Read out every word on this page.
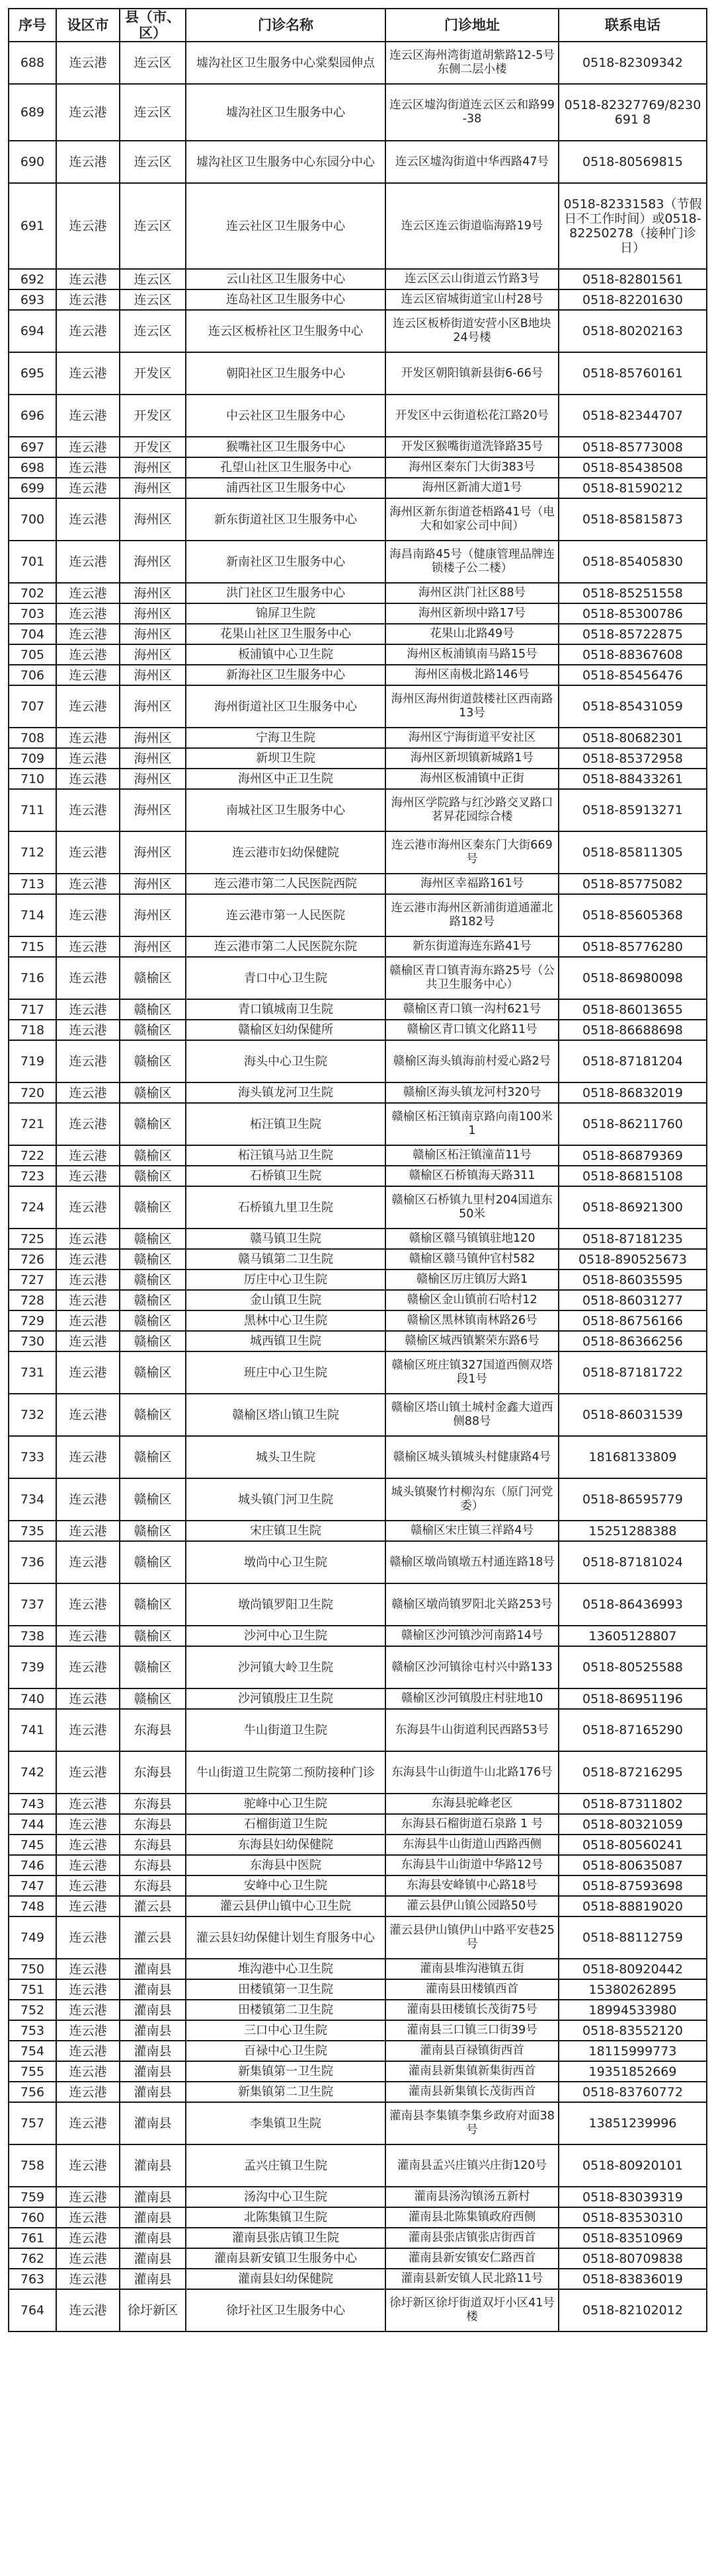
序号	设区市	县（市、区）	门诊名称	门诊地址	联系电话
688	连云港	连云区	墟沟社区卫生服务中心棠梨园伸点	连云区海州湾街道胡紫路12-5号东侧二层小楼	0518-82309342
689	连云港	连云区	墟沟社区卫生服务中心	连云区墟沟街道连云区云和路99-38	0518-82327769/8230691 8
690	连云港	连云区	墟沟社区卫生服务中心东园分中心	连云区墟沟街道中华西路47号	0518-80569815
691	连云港	连云区	连云社区卫生服务中心	连云区连云街道临海路19号	0518-82331583（节假日不工作时间）或0518-82250278（接种门诊日）
692	连云港	连云区	云山社区卫生服务中心	连云区云山街道云竹路3号	0518-82801561
693	连云港	连云区	连岛社区卫生服务中心	连云区宿城街道宝山村28号	0518-82201630
694	连云港	连云区	连云区板桥社区卫生服务中心	连云区板桥街道安营小区B地块24号楼	0518-80202163
695	连云港	开发区	朝阳社区卫生服务中心	开发区朝阳镇新县街6-66号	0518-85760161
696	连云港	开发区	中云社区卫生服务中心	开发区中云街道松花江路20号	0518-82344707
697	连云港	开发区	猴嘴社区卫生服务中心	开发区猴嘴街道洗锋路35号	0518-85773008
698	连云港	海州区	孔望山社区卫生服务中心	海州区秦东门大街383号	0518-85438508
699	连云港	海州区	浦西社区卫生服务中心	海州区新浦大道1号	0518-81590212
700	连云港	海州区	新东街道社区卫生服务中心	海州区新东街道苍梧路41号（电大和如家公司中间）	0518-85815873
701	连云港	海州区	新南社区卫生服务中心	海昌南路45号（健康管理品牌连锁楼子公二楼）	0518-85405830
702	连云港	海州区	洪门社区卫生服务中心	海州区洪门社区88号	0518-85251558
703	连云港	海州区	锦屏卫生院	海州区新坝中路17号	0518-85300786
704	连云港	海州区	花果山社区卫生服务中心	花果山北路49号	0518-85722875
705	连云港	海州区	板浦镇中心卫生院	海州区板浦镇南马路15号	0518-88367608
706	连云港	海州区	新海社区卫生服务中心	海州区南极北路146号	0518-85456476
707	连云港	海州区	海州街道社区卫生服务中心	海州区海州街道鼓楼社区西南路13号	0518-85431059
708	连云港	海州区	宁海卫生院	海州区宁海街道平安社区	0518-80682301
709	连云港	海州区	新坝卫生院	海州区新坝镇新城路1号	0518-85372958
710	连云港	海州区	海州区中正卫生院	海州区板浦镇中正街	0518-88433261
711	连云港	海州区	南城社区卫生服务中心	海州区学院路与红沙路交叉路口茗昇花园综合楼	0518-85913271
712	连云港	海州区	连云港市妇幼保健院	连云港市海州区秦东门大街669号	0518-85811305
713	连云港	海州区	连云港市第二人民医院西院	海州区幸福路161号	0518-85775082
714	连云港	海州区	连云港市第一人民医院	连云港市海州区新浦街道通灌北路182号	0518-85605368
715	连云港	海州区	连云港市第二人民医院东院	新东街道海连东路41号	0518-85776280
716	连云港	赣榆区	青口中心卫生院	赣榆区青口镇青海东路25号（公共卫生服务中心）	0518-86980098
717	连云港	赣榆区	青口镇城南卫生院	赣榆区青口镇一沟村621号	0518-86013655
718	连云港	赣榆区	赣榆区妇幼保健所	赣榆区青口镇文化路11号	0518-86688698
719	连云港	赣榆区	海头中心卫生院	赣榆区海头镇海前村爱心路2号	0518-87181204
720	连云港	赣榆区	海头镇龙河卫生院	赣榆区海头镇龙河村320号	0518-86832019
721	连云港	赣榆区	柘汪镇卫生院	赣榆区柘汪镇南京路向南100米1	0518-86211760
722	连云港	赣榆区	柘汪镇马站卫生院	赣榆区柘汪镇潼苗11号	0518-86879369
723	连云港	赣榆区	石桥镇卫生院	赣榆区石桥镇海天路311	0518-86815108
724	连云港	赣榆区	石桥镇九里卫生院	赣榆区石桥镇九里村204国道东50米	0518-86921300
725	连云港	赣榆区	赣马镇卫生院	赣榆区赣马镇镇驻地120	0518-87181235
726	连云港	赣榆区	赣马镇第二卫生院	赣榆区赣马镇仲官村582	0518-890525673
727	连云港	赣榆区	厉庄中心卫生院	赣榆区厉庄镇厉大路1	0518-86035595
728	连云港	赣榆区	金山镇卫生院	赣榆区金山镇前石哈村12	0518-86031277
729	连云港	赣榆区	黑林中心卫生院	赣榆区黑林镇南林路26号	0518-86756166
730	连云港	赣榆区	城西镇卫生院	赣榆区城西镇繁荣东路6号	0518-86366256
731	连云港	赣榆区	班庄中心卫生院	赣榆区班庄镇327国道西侧双塔段1号	0518-87181722
732	连云港	赣榆区	赣榆区塔山镇卫生院	赣榆区塔山镇土城村金鑫大道西侧88号	0518-86031539
733	连云港	赣榆区	城头卫生院	赣榆区城头镇城头村健康路4号	18168133809
734	连云港	赣榆区	城头镇门河卫生院	城头镇聚竹村柳沟东（原门河党委）	0518-86595779
735	连云港	赣榆区	宋庄镇卫生院	赣榆区宋庄镇三祥路4号	15251288388
736	连云港	赣榆区	墩尚中心卫生院	赣榆区墩尚镇墩五村通连路18号	0518-87181024
737	连云港	赣榆区	墩尚镇罗阳卫生院	赣榆区墩尚镇罗阳北关路253号	0518-86436993
738	连云港	赣榆区	沙河中心卫生院	赣榆区沙河镇沙河南路14号	13605128807
739	连云港	赣榆区	沙河镇大岭卫生院	赣榆区沙河镇徐屯村兴中路133	0518-80525588
740	连云港	赣榆区	沙河镇殷庄卫生院	赣榆区沙河镇殷庄村驻地10	0518-86951196
741	连云港	东海县	牛山街道卫生院	东海县牛山街道利民西路53号	0518-87165290
742	连云港	东海县	牛山街道卫生院第二预防接种门诊	东海县牛山街道牛山北路176号	0518-87216295
743	连云港	东海县	驼峰中心卫生院	东海县驼峰老区	0518-87311802
744	连云港	东海县	石榴街道卫生院	东海县石榴街道石泉路 1 号	0518-80321059
745	连云港	东海县	东海县妇幼保健院	东海县牛山街道山西路西侧	0518-80560241
746	连云港	东海县	东海县中医院	东海县牛山街道中华路12号	0518-80635087
747	连云港	东海县	安峰中心卫生院	东海县安峰镇中心路18号	0518-87593698
748	连云港	灌云县	灌云县伊山镇中心卫生院	灌云县伊山镇公园路50号	0518-88819020
749	连云港	灌云县	灌云县妇幼保健计划生育服务中心	灌云县伊山镇伊山中路平安巷25号	0518-88112759
750	连云港	灌南县	堆沟港中心卫生院	灌南县堆沟港镇五街	0518-80920442
751	连云港	灌南县	田楼镇第一卫生院	灌南县田楼镇西首	15380262895
752	连云港	灌南县	田楼镇第二卫生院	灌南县田楼镇长茂街75号	18994533980
753	连云港	灌南县	三口中心卫生院	灌南县三口镇三口街39号	0518-83552120
754	连云港	灌南县	百禄中心卫生院	灌南县百禄镇街西首	18115999773
755	连云港	灌南县	新集镇第一卫生院	灌南县新集镇新集街西首	19351852669
756	连云港	灌南县	新集镇第二卫生院	灌南县新集镇长茂街西首	0518-83760772
757	连云港	灌南县	李集镇卫生院	灌南县李集镇李集乡政府对面38号	13851239996
758	连云港	灌南县	孟兴庄镇卫生院	灌南县孟兴庄镇兴庄街120号	0518-80920101
759	连云港	灌南县	汤沟中心卫生院	灌南县汤沟镇汤五新村	0518-83039319
760	连云港	灌南县	北陈集镇卫生院	灌南县北陈集镇政府西侧	0518-83530310
761	连云港	灌南县	灌南县张店镇卫生院	灌南县张店镇张店街西首	0518-83510969
762	连云港	灌南县	灌南县新安镇卫生服务中心	灌南县新安镇安仁路西首	0518-80709838
763	连云港	灌南县	灌南县妇幼保健院	灌南县新安镇人民北路11号	0518-83836019
764	连云港	徐圩新区	徐圩社区卫生服务中心	徐圩新区徐圩街道双圩小区41号楼	0518-82102012
